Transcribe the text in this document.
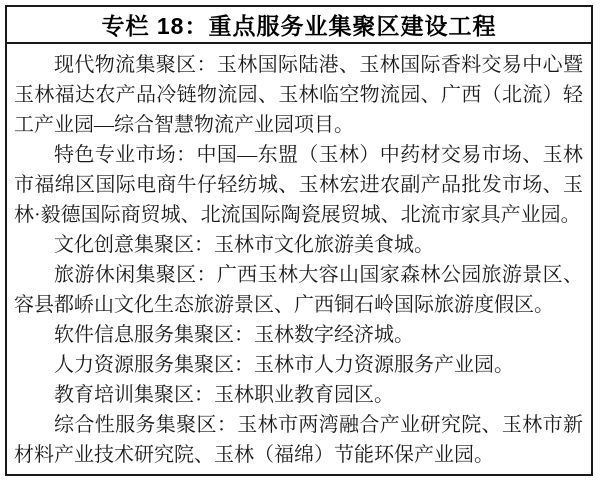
专栏 18：重点服务业集聚区建设工程

现代物流集聚区：玉林国际陆港、玉林国际香料交易中心暨玉林福达农产品冷链物流园、玉林临空物流园、广西（北流）轻工产业园—综合智慧物流产业园项目。

特色专业市场：中国—东盟（玉林）中药材交易市场、玉林市福绵区国际电商牛仔轻纺城、玉林宏进农副产品批发市场、玉林·毅德国际商贸城、北流国际陶瓷展贸城、北流市家具产业园。

文化创意集聚区：玉林市文化旅游美食城。

旅游休闲集聚区：广西玉林大容山国家森林公园旅游景区、容县都峤山文化生态旅游景区、广西铜石岭国际旅游度假区。

软件信息服务集聚区：玉林数字经济城。

人力资源服务集聚区：玉林市人力资源服务产业园。

教育培训集聚区：玉林职业教育园区。

综合性服务集聚区：玉林市两湾融合产业研究院、玉林市新材料产业技术研究院、玉林（福绵）节能环保产业园。
